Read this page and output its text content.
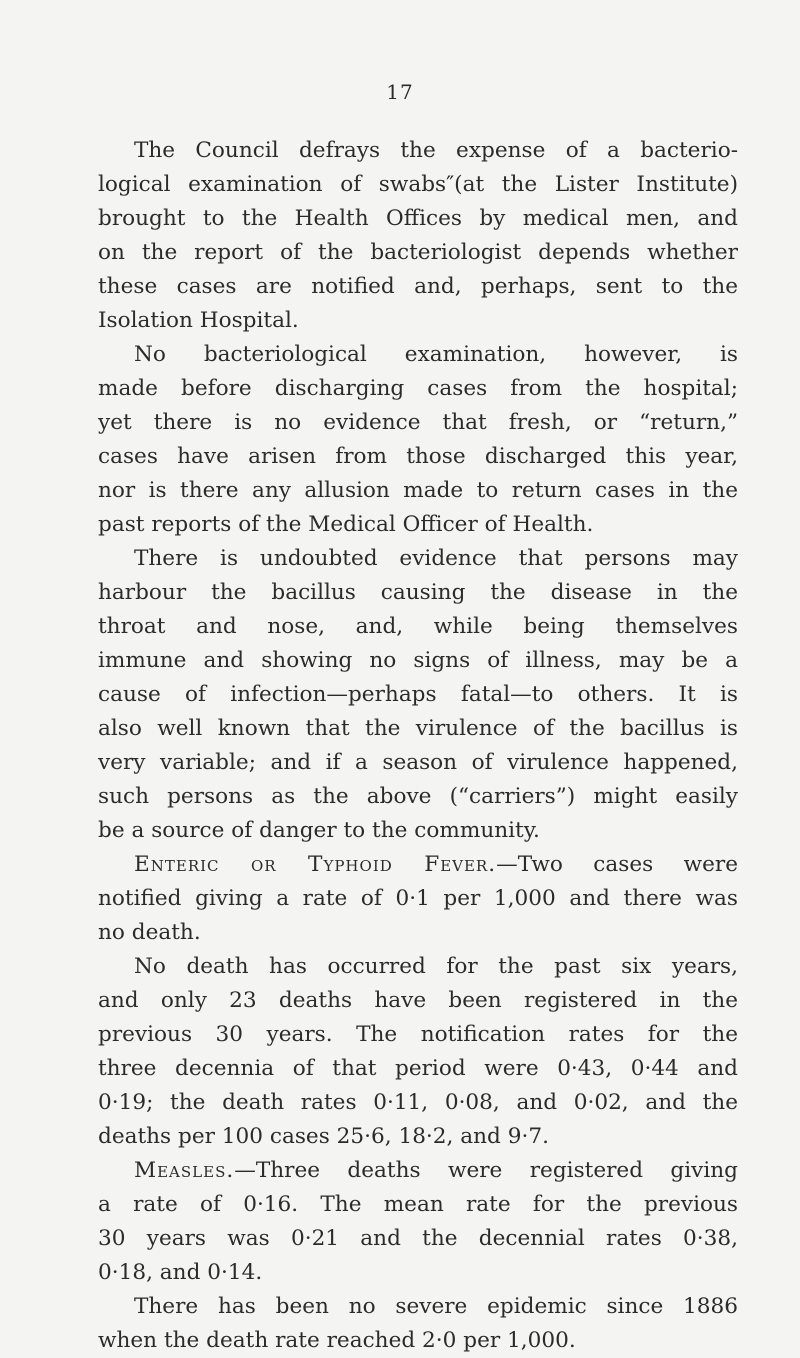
17
The Council defrays the expense of a bacterio-
logical examination of swabs″(at the Lister Institute)
brought to the Health Offices by medical men, and
on the report of the bacteriologist depends whether
these cases are notified and, perhaps, sent to the
Isolation Hospital.
No bacteriological examination, however, is
made before discharging cases from the hospital;
yet there is no evidence that fresh, or “return,”
cases have arisen from those discharged this year,
nor is there any allusion made to return cases in the
past reports of the Medical Officer of Health.
There is undoubted evidence that persons may
harbour the bacillus causing the disease in the
throat and nose, and, while being themselves
immune and showing no signs of illness, may be a
cause of infection—perhaps fatal—to others. It is
also well known that the virulence of the bacillus is
very variable; and if a season of virulence happened,
such persons as the above (“carriers”) might easily
be a source of danger to the community.
Enteric or Typhoid Fever.—Two cases were
notified giving a rate of 0·1 per 1,000 and there was
no death.
No death has occurred for the past six years,
and only 23 deaths have been registered in the
previous 30 years. The notification rates for the
three decennia of that period were 0·43, 0·44 and
0·19; the death rates 0·11, 0·08, and 0·02, and the
deaths per 100 cases 25·6, 18·2, and 9·7.
Measles.—Three deaths were registered giving
a rate of 0·16. The mean rate for the previous
30 years was 0·21 and the decennial rates 0·38,
0·18, and 0·14.
There has been no severe epidemic since 1886
when the death rate reached 2·0 per 1,000.
